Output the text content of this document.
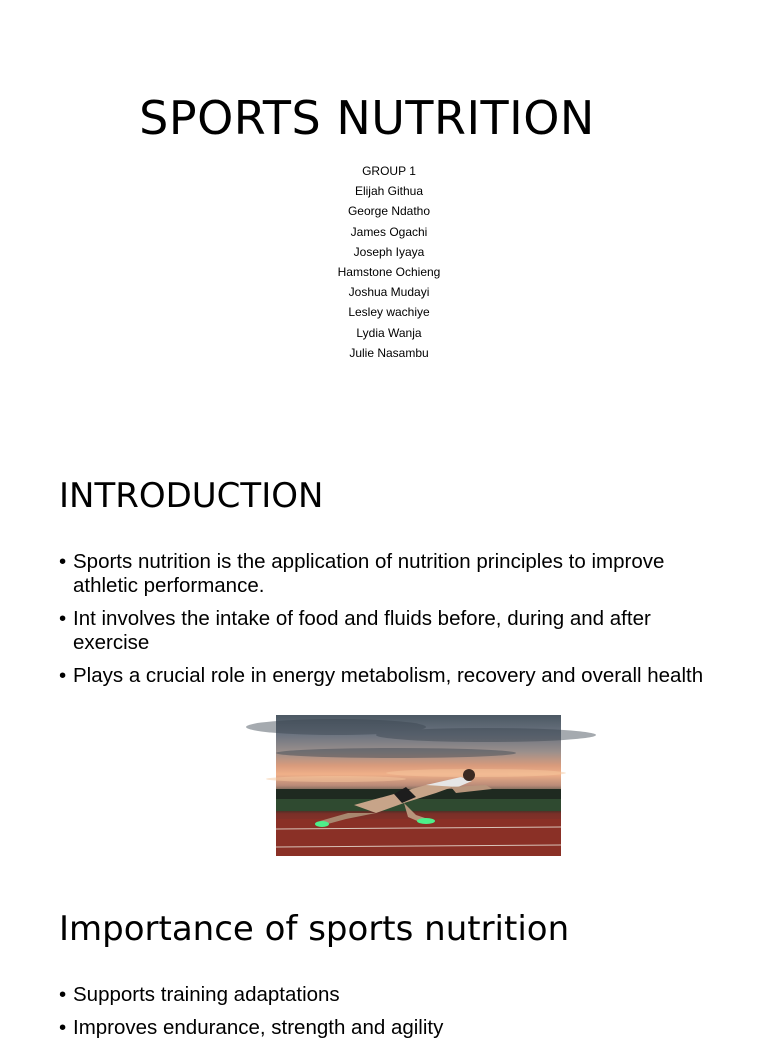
SPORTS NUTRITION
GROUP 1
Elijah Githua
George Ndatho
James Ogachi
Joseph Iyaya
Hamstone Ochieng
Joshua Mudayi
Lesley wachiye
Lydia Wanja
Julie Nasambu
INTRODUCTION
• Sports nutrition is the application of nutrition principles to improve athletic performance.
• Int involves the intake of food and fluids before, during and after exercise
• Plays a crucial role in energy metabolism, recovery and overall health
Importance of sports nutrition
• Supports training adaptations
• Improves endurance, strength and agility
